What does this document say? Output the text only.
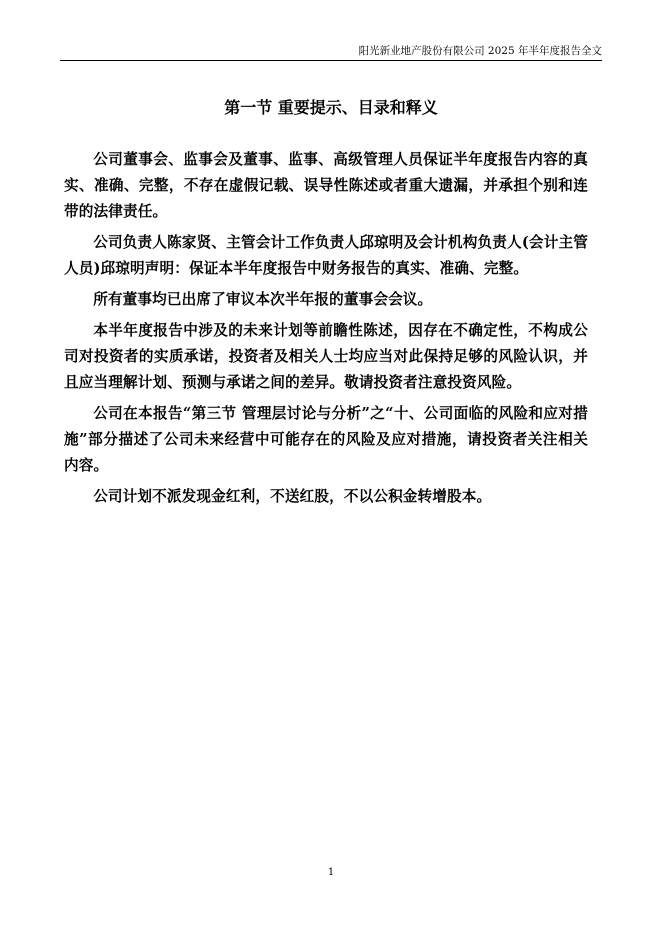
阳光新业地产股份有限公司 2025 年半年度报告全文
第一节 重要提示、目录和释义

公司董事会、监事会及董事、监事、高级管理人员保证半年度报告内容的真实、准确、完整，不存在虚假记载、误导性陈述或者重大遗漏，并承担个别和连带的法律责任。

公司负责人陈家贤、主管会计工作负责人邱琼明及会计机构负责人(会计主管人员)邱琼明声明：保证本半年度报告中财务报告的真实、准确、完整。

所有董事均已出席了审议本次半年报的董事会会议。

本半年度报告中涉及的未来计划等前瞻性陈述，因存在不确定性，不构成公司对投资者的实质承诺，投资者及相关人士均应当对此保持足够的风险认识，并且应当理解计划、预测与承诺之间的差异。敬请投资者注意投资风险。

公司在本报告“第三节 管理层讨论与分析”之“十、公司面临的风险和应对措施”部分描述了公司未来经营中可能存在的风险及应对措施，请投资者关注相关内容。

公司计划不派发现金红利，不送红股，不以公积金转增股本。

1
